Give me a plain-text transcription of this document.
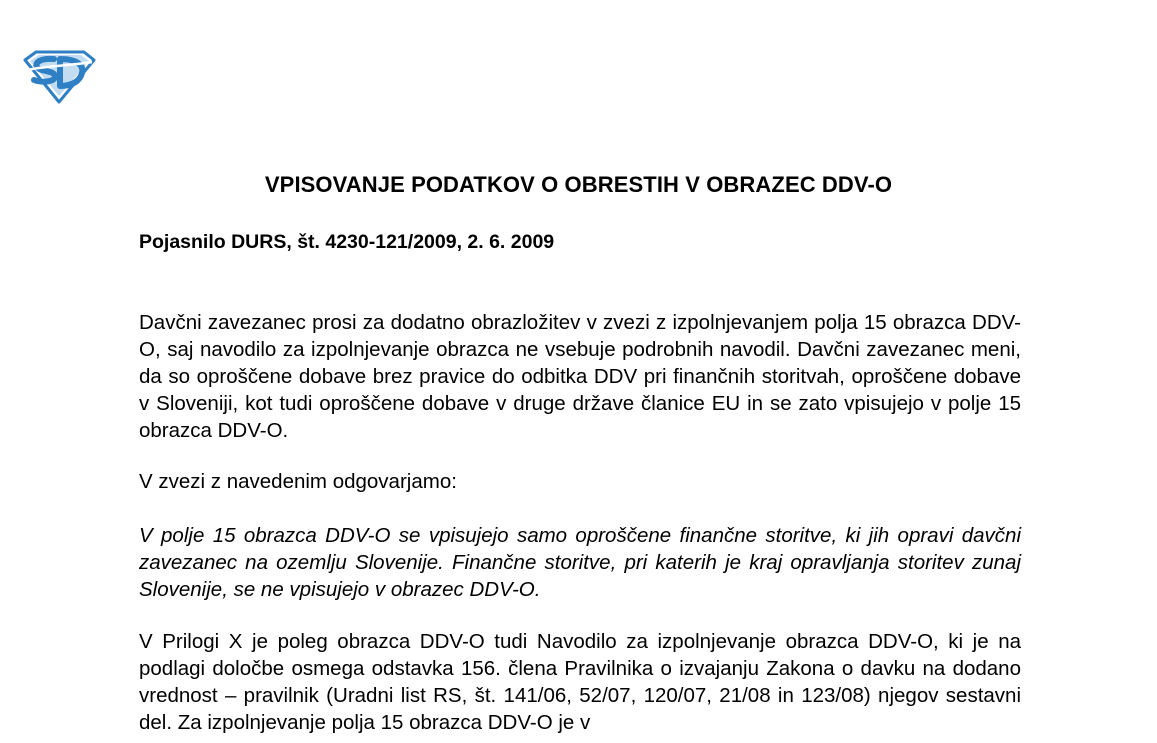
VPISOVANJE PODATKOV O OBRESTIH V OBRAZEC DDV-O

Pojasnilo DURS, št. 4230-121/2009, 2. 6. 2009

Davčni zavezanec prosi za dodatno obrazložitev v zvezi z izpolnjevanjem polja 15 obrazca DDV-O, saj navodilo za izpolnjevanje obrazca ne vsebuje podrobnih navodil. Davčni zavezanec meni, da so oproščene dobave brez pravice do odbitka DDV pri finančnih storitvah, oproščene dobave v Sloveniji, kot tudi oproščene dobave v druge države članice EU in se zato vpisujejo v polje 15 obrazca DDV-O.

V zvezi z navedenim odgovarjamo:

V polje 15 obrazca DDV-O se vpisujejo samo oproščene finančne storitve, ki jih opravi davčni zavezanec na ozemlju Slovenije. Finančne storitve, pri katerih je kraj opravljanja storitev zunaj Slovenije, se ne vpisujejo v obrazec DDV-O.

V Prilogi X je poleg obrazca DDV-O tudi Navodilo za izpolnjevanje obrazca DDV-O, ki je na podlagi določbe osmega odstavka 156. člena Pravilnika o izvajanju Zakona o davku na dodano vrednost – pravilnik (Uradni list RS, št. 141/06, 52/07, 120/07, 21/08 in 123/08) njegov sestavni del. Za izpolnjevanje polja 15 obrazca DDV-O je v
